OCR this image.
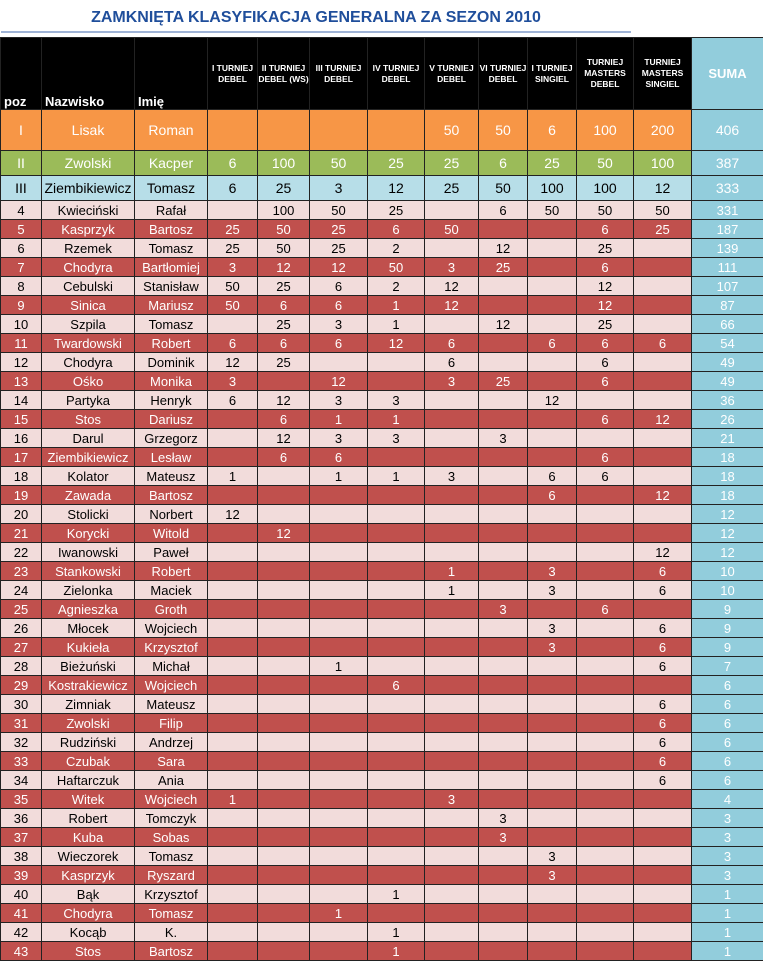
ZAMKNIĘTA KLASYFIKACJA GENERALNA ZA SEZON 2010
poz	Nazwisko	Imię	I TURNIEJ DEBEL	II TURNIEJ DEBEL (WS)	III TURNIEJ DEBEL	IV TURNIEJ DEBEL	V TURNIEJ DEBEL	VI TURNIEJ DEBEL	I TURNIEJ SINGIEL	TURNIEJ MASTERS DEBEL	TURNIEJ MASTERS SINGIEL	SUMA
I	Lisak	Roman					50	50	6	100	200	406
II	Zwolski	Kacper	6	100	50	25	25	6	25	50	100	387
III	Ziembikiewicz	Tomasz	6	25	3	12	25	50	100	100	12	333
4	Kwieciński	Rafał		100	50	25		6	50	50	50	331
5	Kasprzyk	Bartosz	25	50	25	6	50			6	25	187
6	Rzemek	Tomasz	25	50	25	2		12		25		139
7	Chodyra	Bartłomiej	3	12	12	50	3	25		6		111
8	Cebulski	Stanisław	50	25	6	2	12			12		107
9	Sinica	Mariusz	50	6	6	1	12			12		87
10	Szpila	Tomasz		25	3	1		12		25		66
11	Twardowski	Robert	6	6	6	12	6		6	6	6	54
12	Chodyra	Dominik	12	25			6			6		49
13	Ośko	Monika	3		12		3	25		6		49
14	Partyka	Henryk	6	12	3	3			12			36
15	Stos	Dariusz		6	1	1				6	12	26
16	Darul	Grzegorz		12	3	3		3				21
17	Ziembikiewicz	Lesław		6	6					6		18
18	Kolator	Mateusz	1		1	1	3		6	6		18
19	Zawada	Bartosz							6		12	18
20	Stolicki	Norbert	12									12
21	Korycki	Witold		12								12
22	Iwanowski	Paweł									12	12
23	Stankowski	Robert					1		3		6	10
24	Zielonka	Maciek					1		3		6	10
25	Agnieszka	Groth						3		6		9
26	Młocek	Wojciech							3		6	9
27	Kukieła	Krzysztof							3		6	9
28	Bieżuński	Michał			1						6	7
29	Kostrakiewicz	Wojciech				6						6
30	Zimniak	Mateusz									6	6
31	Zwolski	Filip									6	6
32	Rudziński	Andrzej									6	6
33	Czubak	Sara									6	6
34	Haftarczuk	Ania									6	6
35	Witek	Wojciech	1				3					4
36	Robert	Tomczyk						3				3
37	Kuba	Sobas						3				3
38	Wieczorek	Tomasz							3			3
39	Kasprzyk	Ryszard							3			3
40	Bąk	Krzysztof				1						1
41	Chodyra	Tomasz			1							1
42	Kocąb	K.				1						1
43	Stos	Bartosz				1						1
